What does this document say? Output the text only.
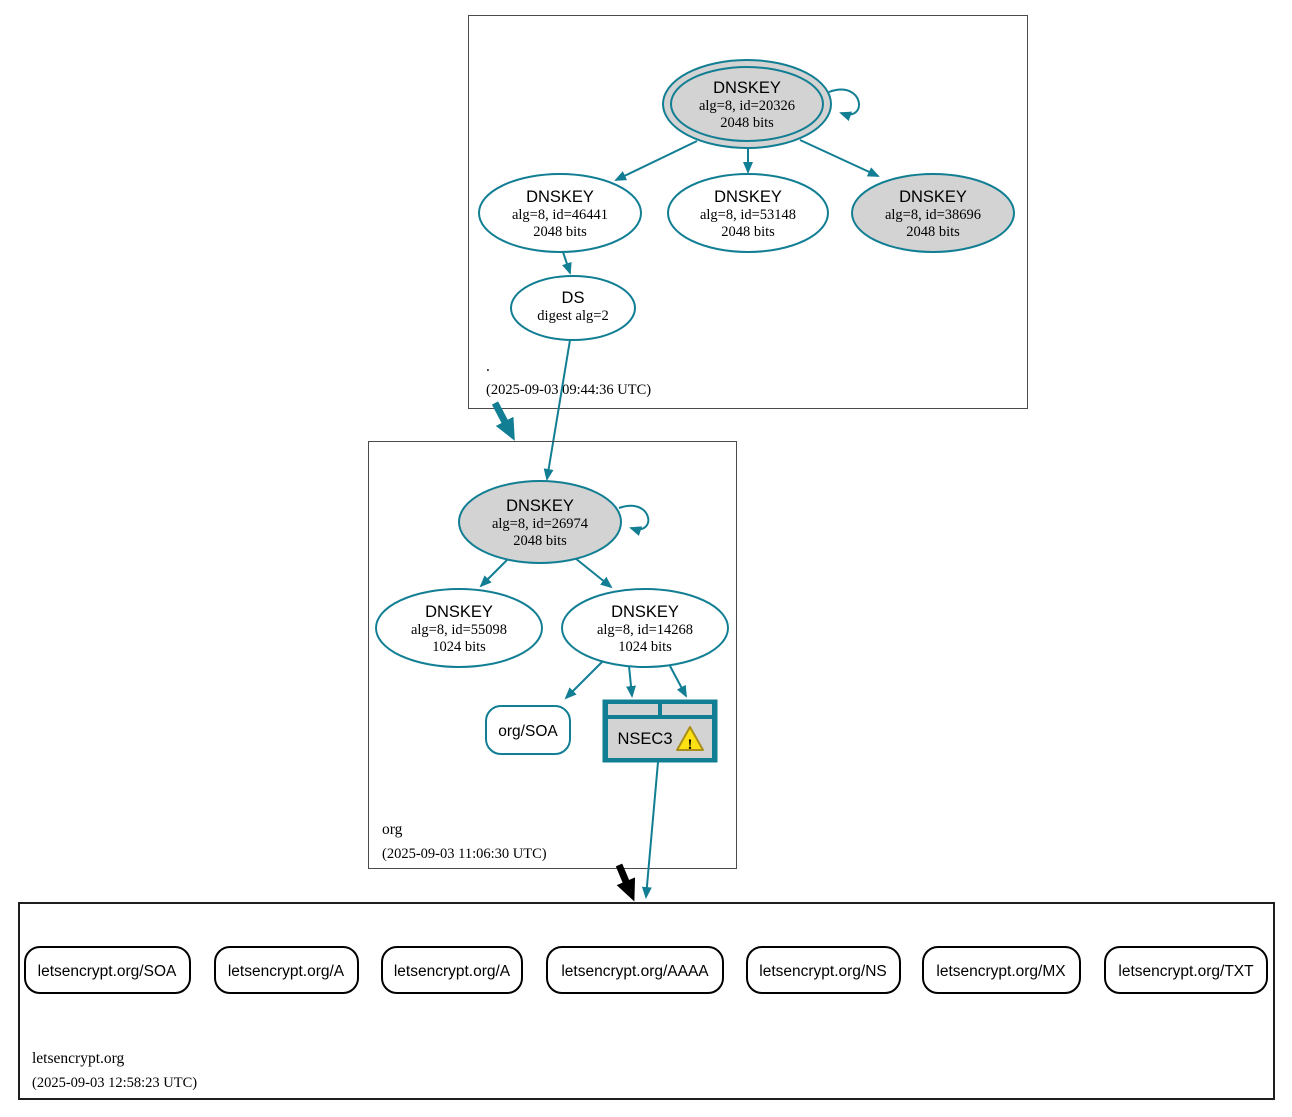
DNSKEY
alg=8, id=20326
2048 bits
DNSKEY
alg=8, id=46441
2048 bits
DNSKEY
alg=8, id=53148
2048 bits
DNSKEY
alg=8, id=38696
2048 bits
DS
digest alg=2
.
(2025-09-03 09:44:36 UTC)
DNSKEY
alg=8, id=26974
2048 bits
DNSKEY
alg=8, id=55098
1024 bits
DNSKEY
alg=8, id=14268
1024 bits
org/SOA	NSEC3 !
org
(2025-09-03 11:06:30 UTC)
letsencrypt.org/SOA	letsencrypt.org/A	letsencrypt.org/A	letsencrypt.org/AAAA	letsencrypt.org/NS	letsencrypt.org/MX	letsencrypt.org/TXT
letsencrypt.org
(2025-09-03 12:58:23 UTC)
